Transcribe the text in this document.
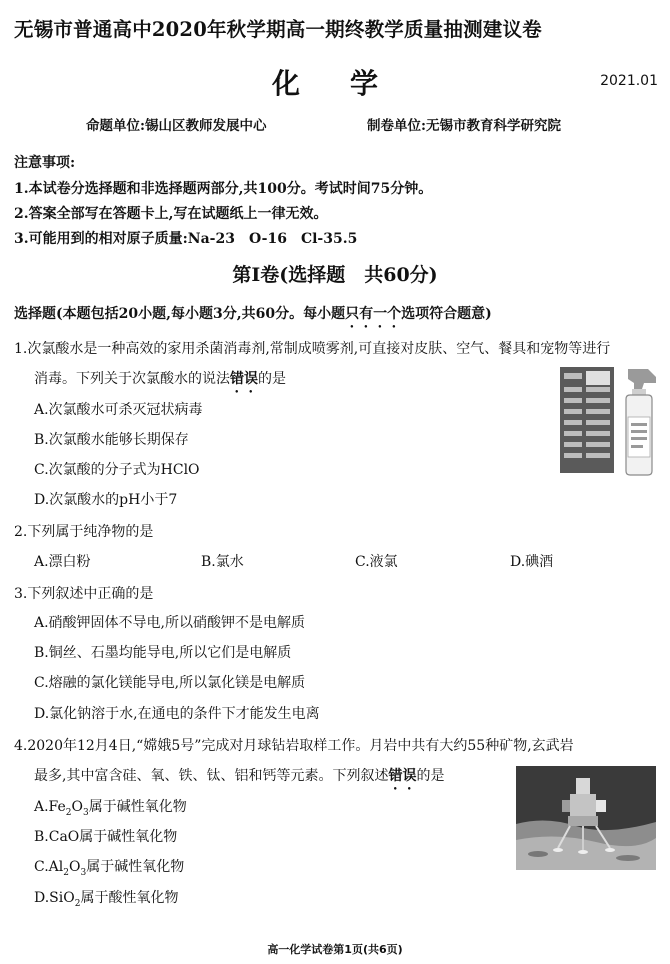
无锡市普通高中2020年秋学期高一期终教学质量抽测建议卷
化学	2021.01
命题单位:锡山区教师发展中心	制卷单位:无锡市教育科学研究院
注意事项:
1.本试卷分选择题和非选择题两部分,共100分。考试时间75分钟。
2.答案全部写在答题卡上,写在试题纸上一律无效。
3.可能用到的相对原子质量:Na-23　O-16　Cl-35.5
第Ⅰ卷(选择题　共60分)
选择题(本题包括20小题,每小题3分,共60分。每小题只有一个选项符合题意)
1.次氯酸水是一种高效的家用杀菌消毒剂,常制成喷雾剂,可直接对皮肤、空气、餐具和宠物等进行
消毒。下列关于次氯酸水的说法错误的是
A.次氯酸水可杀灭冠状病毒
B.次氯酸水能够长期保存
C.次氯酸的分子式为HClO
D.次氯酸水的pH小于7
2.下列属于纯净物的是
A.漂白粉	B.氯水	C.液氯	D.碘酒
3.下列叙述中正确的是
A.硝酸钾固体不导电,所以硝酸钾不是电解质
B.铜丝、石墨均能导电,所以它们是电解质
C.熔融的氯化镁能导电,所以氯化镁是电解质
D.氯化钠溶于水,在通电的条件下才能发生电离
4.2020年12月4日,“嫦娥5号”完成对月球钻岩取样工作。月岩中共有大约55种矿物,玄武岩
最多,其中富含硅、氧、铁、钛、铝和钙等元素。下列叙述错误的是
$A.Fe_2O_3$属于碱性氧化物
B.CaO属于碱性氧化物
$C.Al_2O_3$属于碱性氧化物
D.SiO$_2$属于酸性氧化物
高一化学试卷第1页(共6页)
